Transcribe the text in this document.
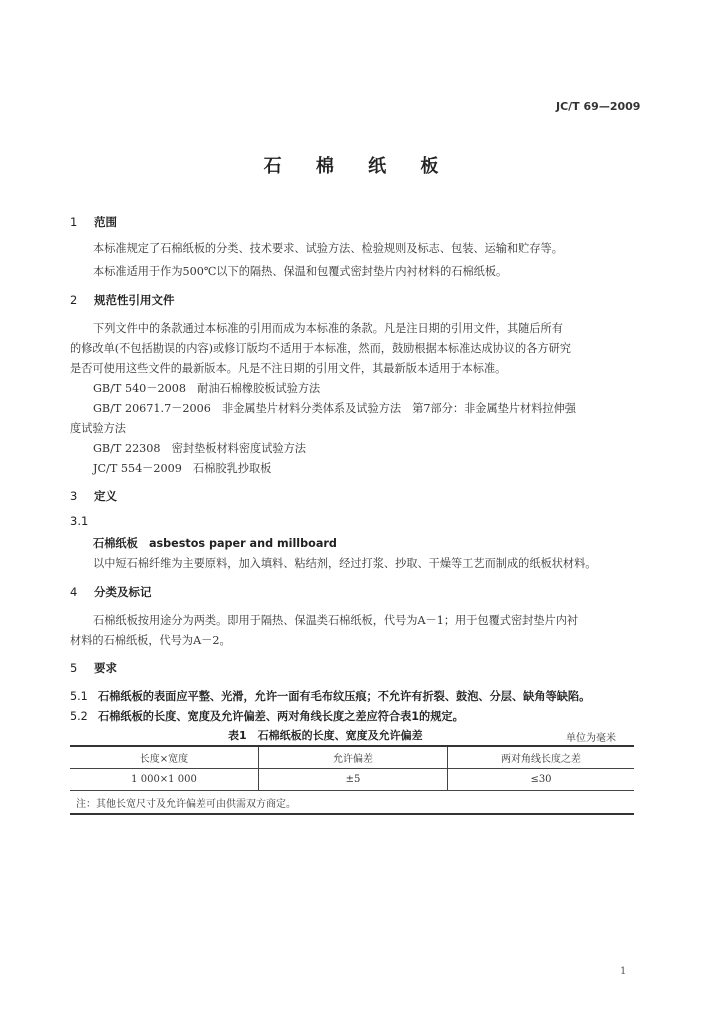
JC/T 69—2009
石 棉 纸 板
1 范围
本标准规定了石棉纸板的分类、技术要求、试验方法、检验规则及标志、包装、运输和贮存等。
本标准适用于作为500℃以下的隔热、保温和包覆式密封垫片内衬材料的石棉纸板。
2 规范性引用文件
下列文件中的条款通过本标准的引用而成为本标准的条款。凡是注日期的引用文件，其随后所有
的修改单(不包括勘误的内容)或修订版均不适用于本标准，然而，鼓励根据本标准达成协议的各方研究
是否可使用这些文件的最新版本。凡是不注日期的引用文件，其最新版本适用于本标准。
GB/T 540－2008　耐油石棉橡胶板试验方法
GB/T 20671.7－2006　非金属垫片材料分类体系及试验方法　第7部分：非金属垫片材料拉伸强
度试验方法
GB/T 22308　密封垫板材料密度试验方法
JC/T 554－2009　石棉胶乳抄取板
3 定义
3.1
石棉纸板　asbestos paper and millboard
以中短石棉纤维为主要原料，加入填料、粘结剂，经过打浆、抄取、干燥等工艺而制成的纸板状材料。
4 分类及标记
石棉纸板按用途分为两类。即用于隔热、保温类石棉纸板，代号为A－1；用于包覆式密封垫片内衬
材料的石棉纸板，代号为A－2。
5 要求
5.1 石棉纸板的表面应平整、光滑，允许一面有毛布纹压痕；不允许有折裂、鼓泡、分层、缺角等缺陷。
5.2 石棉纸板的长度、宽度及允许偏差、两对角线长度之差应符合表1的规定。
表1　石棉纸板的长度、宽度及允许偏差	单位为毫米
长度×宽度	允许偏差	两对角线长度之差
1 000×1 000	±5	≤30
注：其他长宽尺寸及允许偏差可由供需双方商定。		
1
